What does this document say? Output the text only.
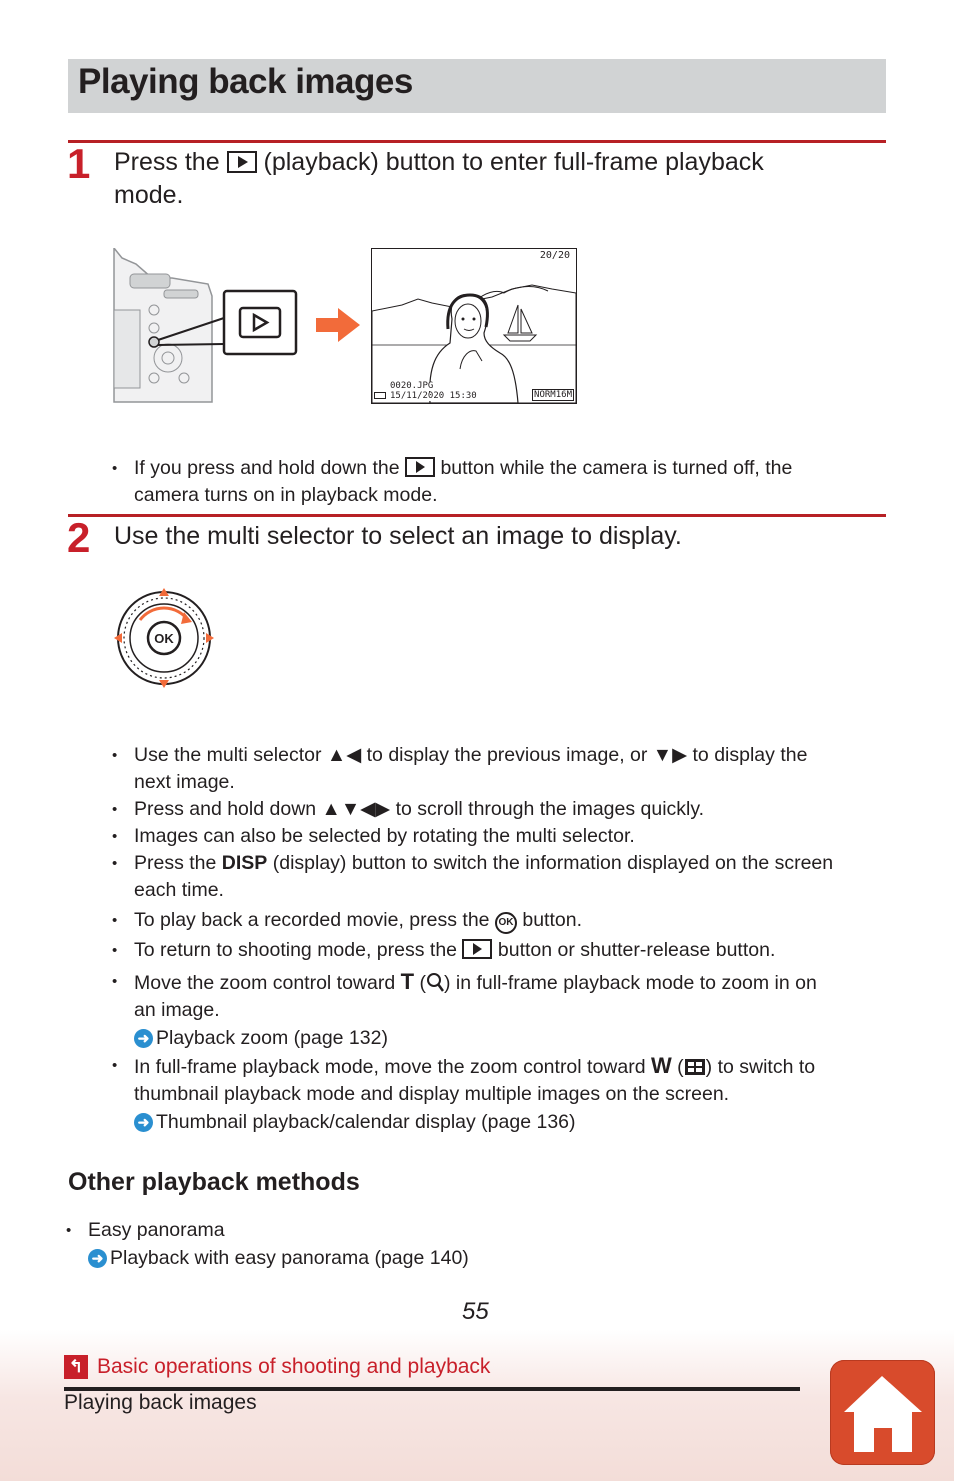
Playing back images
1 Press the (playback) button to enter full-frame playback
mode.
20/20
0020.JPG
15/11/2020 15:30	NORM16M
• If you press and hold down the button while the camera is turned off, the
camera turns on in playback mode.
2 Use the multi selector to select an image to display.
OK
• Use the multi selector ▲◀ to display the previous image, or ▼▶ to display the
next image.
• Press and hold down ▲▼◀▶ to scroll through the images quickly.
• Images can also be selected by rotating the multi selector.
• Press the DISP (display) button to switch the information displayed on the screen
each time.
• To play back a recorded movie, press the OK button.
• To return to shooting mode, press the button or shutter-release button.
• Move the zoom control toward T ( ) in full-frame playback mode to zoom in on
an image.

➜ Playback zoom (page 132)
• In full-frame playback mode, move the zoom control toward W ( ) to switch to
thumbnail playback mode and display multiple images on the screen.

➜ Thumbnail playback/calendar display (page 136)
Other playback methods
• Easy panorama

➜ Playback with easy panorama (page 140)
55
↰ Basic operations of shooting and playback
Playing back images
